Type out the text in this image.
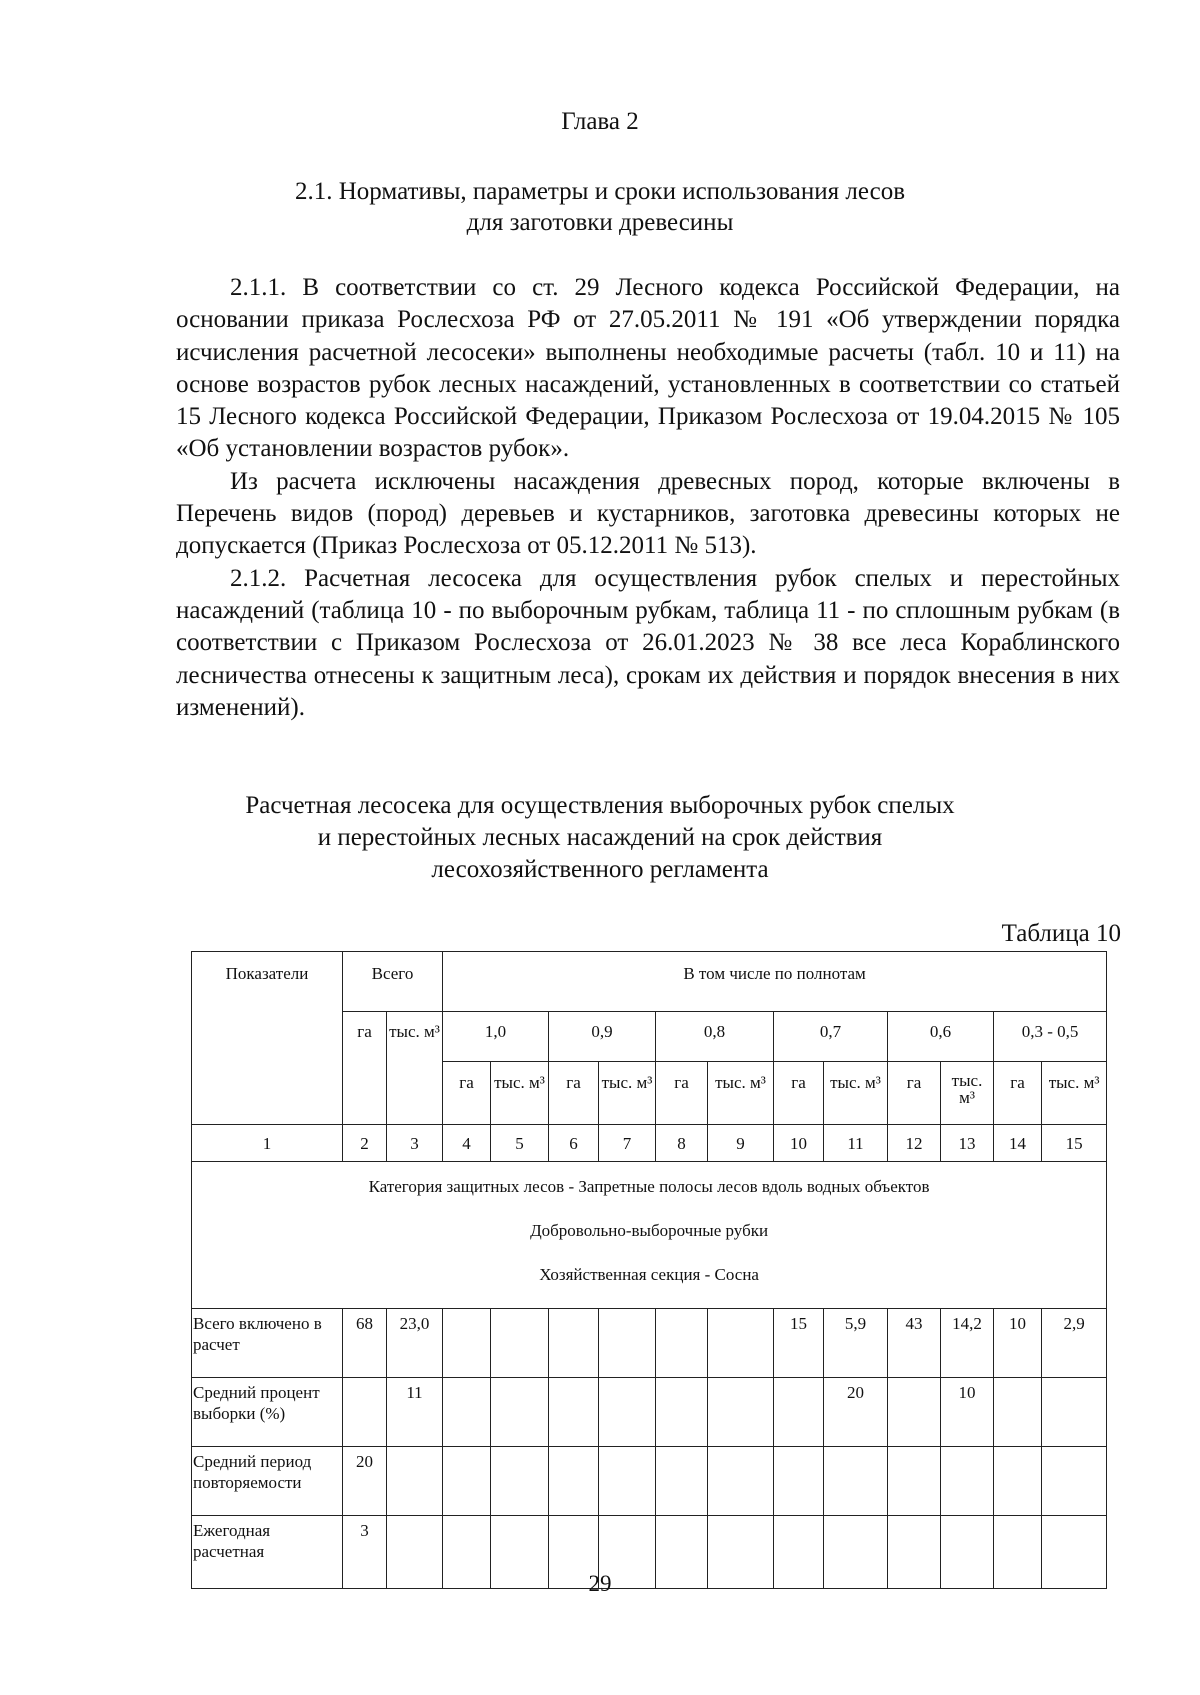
Глава 2
2.1. Нормативы, параметры и сроки использования лесов
для заготовки древесины

2.1.1. В соответствии со ст. 29 Лесного кодекса Российской Федерации, на основании приказа Рослесхоза РФ от 27.05.2011 № 191 «Об утверждении порядка исчисления расчетной лесосеки» выполнены необходимые расчеты (табл. 10 и 11) на основе возрастов рубок лесных насаждений, установленных в соответствии со статьей 15 Лесного кодекса Российской Федерации, Приказом Рослесхоза от 19.04.2015 № 105 «Об установлении возрастов рубок».

Из расчета исключены насаждения древесных пород, которые включены в Перечень видов (пород) деревьев и кустарников, заготовка древесины которых не допускается (Приказ Рослесхоза от 05.12.2011 № 513).

2.1.2. Расчетная лесосека для осуществления рубок спелых и перестойных насаждений (таблица 10 - по выборочным рубкам, таблица 11 - по сплошным рубкам (в соответствии с Приказом Рослесхоза от 26.01.2023 № 38 все леса Кораблинского лесничества отнесены к защитным леса), срокам их действия и порядок внесения в них изменений).

Расчетная лесосека для осуществления выборочных рубок спелых
и перестойных лесных насаждений на срок действия
лесохозяйственного регламента
Таблица 10
Показатели	Всего		В том числе по полнотам											
	га	тыс. м³	1,0		0,9		0,8		0,7		0,6		0,3 - 0,5	
			га	тыс. м³	га	тыс. м³	га	тыс. м³	га	тыс. м³	га	тыс. м³	га	тыс. м³
1	2	3	4	5	6	7	8	9	10	11	12	13	14	15

Категория защитных лесов - Запретные полосы лесов вдоль водных объектов
Добровольно-выборочные рубки
Хозяйственная секция - Сосна														

Всего включено в расчет	68	23,0							15	5,9	43	14,2	10	2,9
Средний процент выборки (%)		11								20		10		
Средний период повторяемости	20													
Ежегодная расчетная	3													
29
